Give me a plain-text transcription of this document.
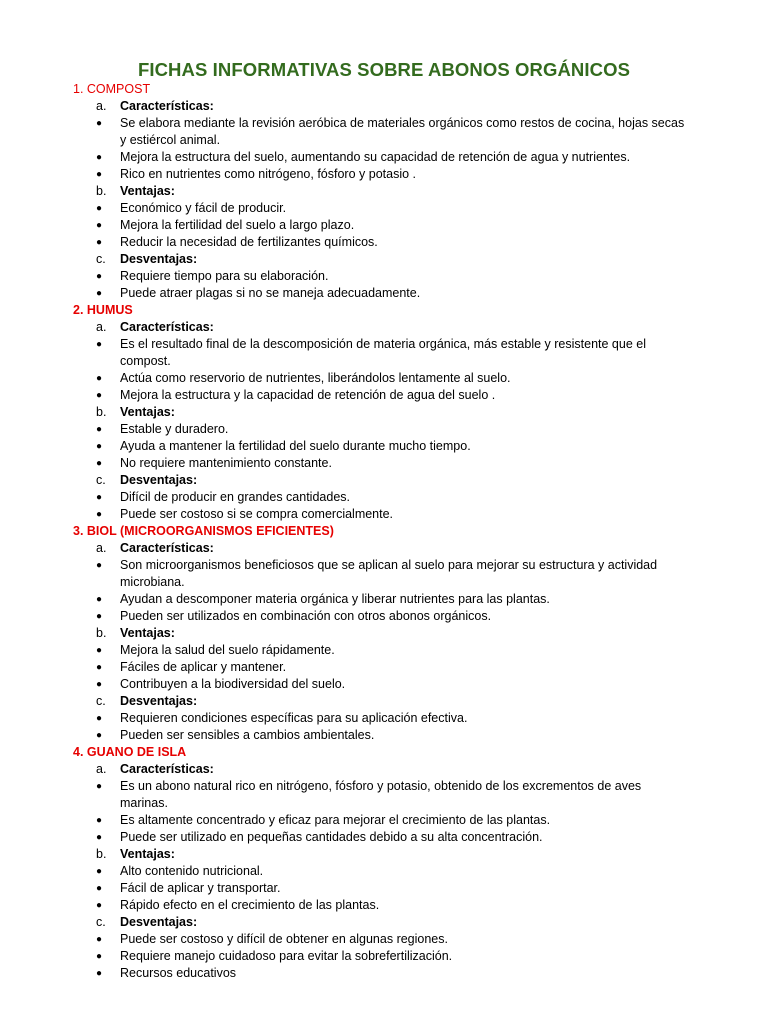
FICHAS INFORMATIVAS SOBRE ABONOS ORGÁNICOS
1. COMPOST
a. Características:
● Se elabora mediante la revisión aeróbica de materiales orgánicos como restos de cocina, hojas secas y estiércol animal.
● Mejora la estructura del suelo, aumentando su capacidad de retención de agua y nutrientes.
● Rico en nutrientes como nitrógeno, fósforo y potasio .
b. Ventajas:
● Económico y fácil de producir.
● Mejora la fertilidad del suelo a largo plazo.
● Reducir la necesidad de fertilizantes químicos.
c. Desventajas:
● Requiere tiempo para su elaboración.
● Puede atraer plagas si no se maneja adecuadamente.
2. HUMUS
a. Características:
● Es el resultado final de la descomposición de materia orgánica, más estable y resistente que el compost.
● Actúa como reservorio de nutrientes, liberándolos lentamente al suelo.
● Mejora la estructura y la capacidad de retención de agua del suelo .
b. Ventajas:
● Estable y duradero.
● Ayuda a mantener la fertilidad del suelo durante mucho tiempo.
● No requiere mantenimiento constante.
c. Desventajas:
● Difícil de producir en grandes cantidades.
● Puede ser costoso si se compra comercialmente.
3. BIOL (MICROORGANISMOS EFICIENTES)
a. Características:
● Son microorganismos beneficiosos que se aplican al suelo para mejorar su estructura y actividad microbiana.
● Ayudan a descomponer materia orgánica y liberar nutrientes para las plantas.
● Pueden ser utilizados en combinación con otros abonos orgánicos.
b. Ventajas:
● Mejora la salud del suelo rápidamente.
● Fáciles de aplicar y mantener.
● Contribuyen a la biodiversidad del suelo.
c. Desventajas:
● Requieren condiciones específicas para su aplicación efectiva.
● Pueden ser sensibles a cambios ambientales.
4. GUANO DE ISLA
a. Características:
● Es un abono natural rico en nitrógeno, fósforo y potasio, obtenido de los excrementos de aves marinas.
● Es altamente concentrado y eficaz para mejorar el crecimiento de las plantas.
● Puede ser utilizado en pequeñas cantidades debido a su alta concentración.
b. Ventajas:
● Alto contenido nutricional.
● Fácil de aplicar y transportar.
● Rápido efecto en el crecimiento de las plantas.
c. Desventajas:
● Puede ser costoso y difícil de obtener en algunas regiones.
● Requiere manejo cuidadoso para evitar la sobrefertilización.
● Recursos educativos
